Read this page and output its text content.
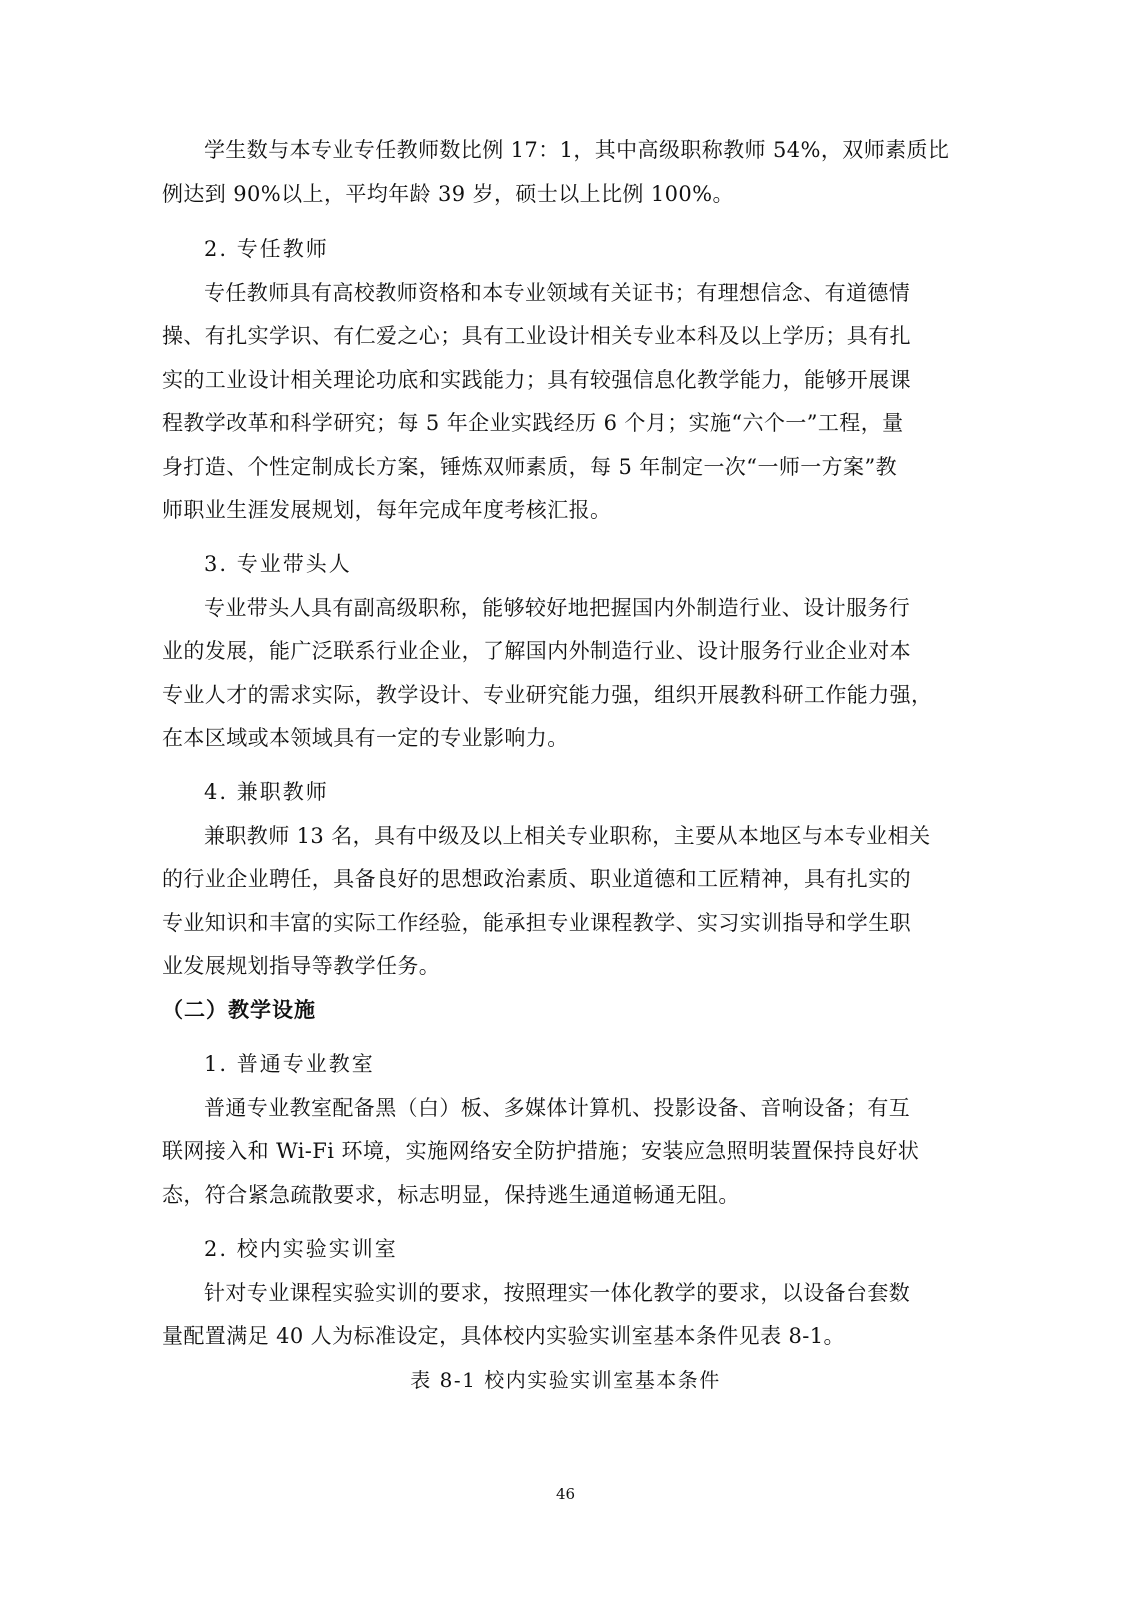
学生数与本专业专任教师数比例 17：1，其中高级职称教师 54%，双师素质比
例达到 90%以上，平均年龄 39 岁，硕士以上比例 100%。
2. 专任教师
专任教师具有高校教师资格和本专业领域有关证书；有理想信念、有道德情
操、有扎实学识、有仁爱之心；具有工业设计相关专业本科及以上学历；具有扎
实的工业设计相关理论功底和实践能力；具有较强信息化教学能力，能够开展课
程教学改革和科学研究；每 5 年企业实践经历 6 个月；实施“六个一”工程，量
身打造、个性定制成长方案，锤炼双师素质，每 5 年制定一次“一师一方案”教
师职业生涯发展规划，每年完成年度考核汇报。
3. 专业带头人
专业带头人具有副高级职称，能够较好地把握国内外制造行业、设计服务行
业的发展，能广泛联系行业企业，了解国内外制造行业、设计服务行业企业对本
专业人才的需求实际，教学设计、专业研究能力强，组织开展教科研工作能力强，
在本区域或本领域具有一定的专业影响力。
4. 兼职教师
兼职教师 13 名，具有中级及以上相关专业职称，主要从本地区与本专业相关
的行业企业聘任，具备良好的思想政治素质、职业道德和工匠精神，具有扎实的
专业知识和丰富的实际工作经验，能承担专业课程教学、实习实训指导和学生职
业发展规划指导等教学任务。
（二）教学设施
1. 普通专业教室
普通专业教室配备黑（白）板、多媒体计算机、投影设备、音响设备；有互
联网接入和 Wi-Fi 环境，实施网络安全防护措施；安装应急照明装置保持良好状
态，符合紧急疏散要求，标志明显，保持逃生通道畅通无阻。
2. 校内实验实训室
针对专业课程实验实训的要求，按照理实一体化教学的要求，以设备台套数
量配置满足 40 人为标准设定，具体校内实验实训室基本条件见表 8-1。
表 8-1 校内实验实训室基本条件
46
